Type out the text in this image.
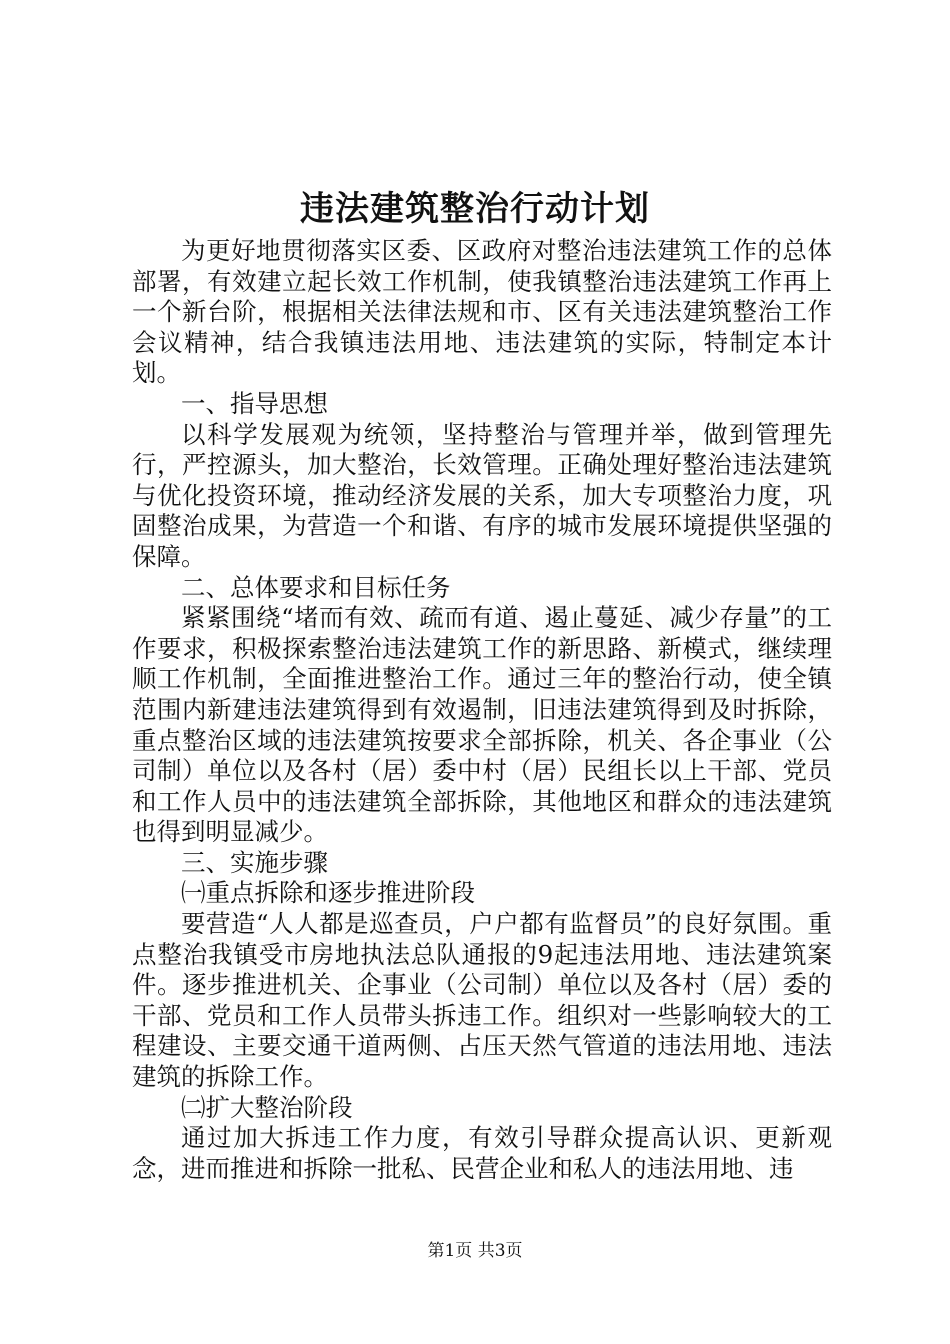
违法建筑整治行动计划

为更好地贯彻落实区委、区政府对整治违法建筑工作的总体部署，有效建立起长效工作机制，使我镇整治违法建筑工作再上一个新台阶，根据相关法律法规和市、区有关违法建筑整治工作会议精神，结合我镇违法用地、违法建筑的实际，特制定本计划。

一、指导思想

以科学发展观为统领，坚持整治与管理并举，做到管理先行，严控源头，加大整治，长效管理。正确处理好整治违法建筑与优化投资环境，推动经济发展的关系，加大专项整治力度，巩固整治成果，为营造一个和谐、有序的城市发展环境提供坚强的保障。

二、总体要求和目标任务

紧紧围绕“堵而有效、疏而有道、遏止蔓延、减少存量”的工作要求，积极探索整治违法建筑工作的新思路、新模式，继续理顺工作机制，全面推进整治工作。通过三年的整治行动，使全镇范围内新建违法建筑得到有效遏制，旧违法建筑得到及时拆除，重点整治区域的违法建筑按要求全部拆除，机关、各企事业（公司制）单位以及各村（居）委中村（居）民组长以上干部、党员和工作人员中的违法建筑全部拆除，其他地区和群众的违法建筑也得到明显减少。

三、实施步骤

㈠重点拆除和逐步推进阶段

要营造“人人都是巡查员，户户都有监督员”的良好氛围。重点整治我镇受市房地执法总队通报的9起违法用地、违法建筑案件。逐步推进机关、企事业（公司制）单位以及各村（居）委的干部、党员和工作人员带头拆违工作。组织对一些影响较大的工程建设、主要交通干道两侧、占压天然气管道的违法用地、违法建筑的拆除工作。

㈡扩大整治阶段

通过加大拆违工作力度，有效引导群众提高认识、更新观念，进而推进和拆除一批私、民营企业和私人的违法用地、违

第1页 共3页
